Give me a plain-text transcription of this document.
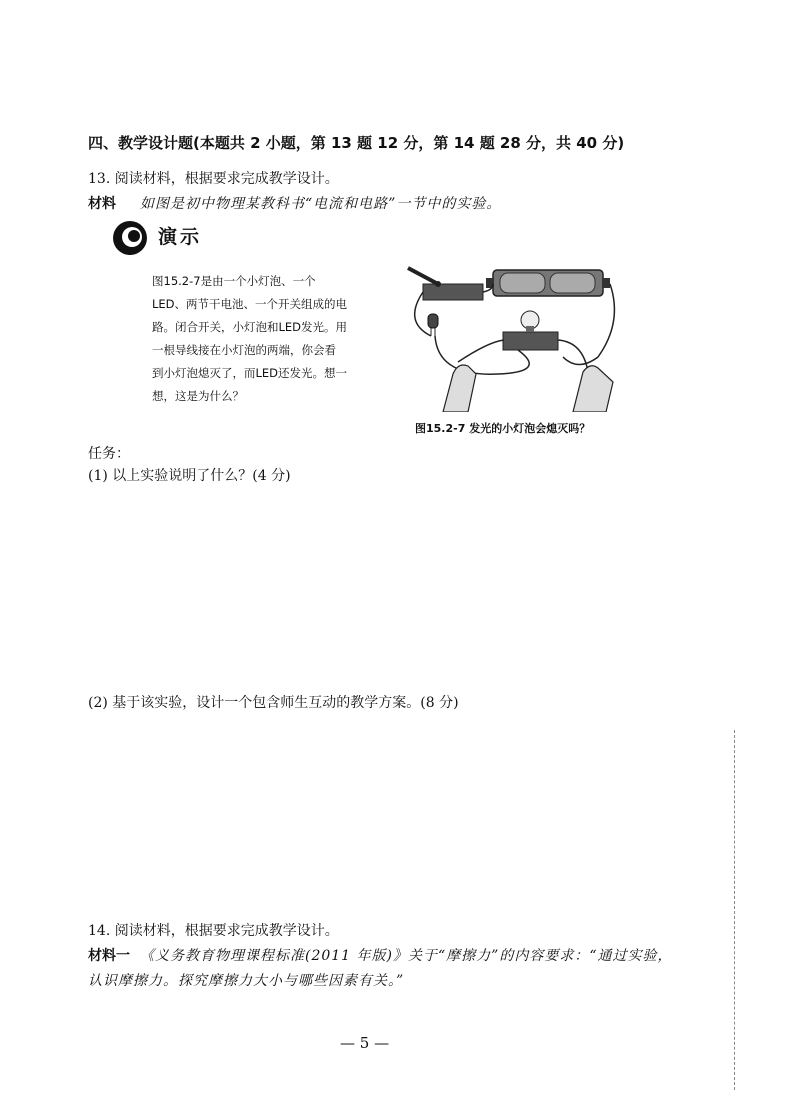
四、教学设计题(本题共 2 小题，第 13 题 12 分，第 14 题 28 分，共 40 分)
13. 阅读材料，根据要求完成教学设计。
材料 如图是初中物理某教科书“电流和电路”一节中的实验。
演示

图15.2-7是由一个小灯泡、一个

LED、两节干电池、一个开关组成的电

路。闭合开关，小灯泡和LED发光。用

一根导线接在小灯泡的两端，你会看

到小灯泡熄灭了，而LED还发光。想一

想，这是为什么？

图15.2-7 发光的小灯泡会熄灭吗？
任务：
(1) 以上实验说明了什么？(4 分)
(2) 基于该实验，设计一个包含师生互动的教学方案。(8 分)
14. 阅读材料，根据要求完成教学设计。
材料一 《义务教育物理课程标准(2011 年版)》关于“摩擦力”的内容要求：“通过实验，
认识摩擦力。探究摩擦力大小与哪些因素有关。”
— 5 —
